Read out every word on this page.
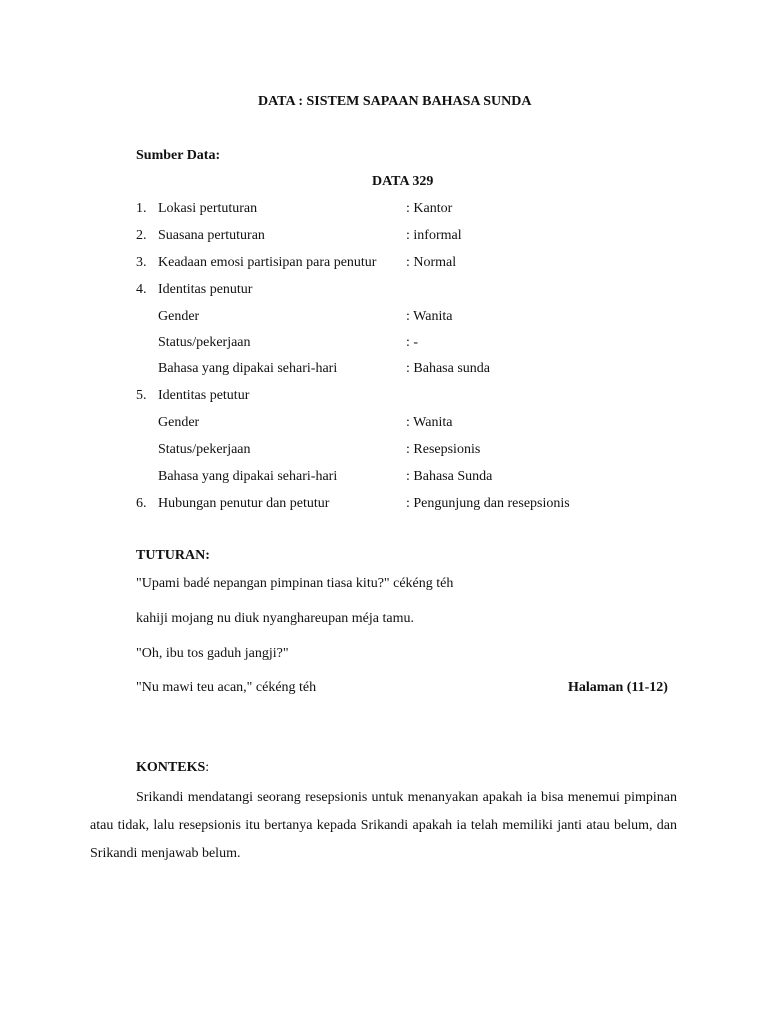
DATA : SISTEM SAPAAN BAHASA SUNDA
Sumber Data:
DATA 329
1. Lokasi pertuturan	: Kantor
2. Suasana pertuturan	: informal
3. Keadaan emosi partisipan para penutur : Normal
4. Identitas penutur
Gender	: Wanita
Status/pekerjaan	: -
Bahasa yang dipakai sehari-hari	: Bahasa sunda
5. Identitas petutur
Gender	: Wanita
Status/pekerjaan	: Resepsionis
Bahasa yang dipakai sehari-hari	: Bahasa Sunda
6. Hubungan penutur dan petutur	: Pengunjung dan resepsionis
TUTURAN:
"Upami badé nepangan pimpinan tiasa kitu?" cékéng téh
kahiji mojang nu diuk nyanghareupan méja tamu.
"Oh, ibu tos gaduh jangji?"
"Nu mawi teu acan," cékéng téh	Halaman (11-12)
KONTEKS:

Srikandi mendatangi seorang resepsionis untuk menanyakan apakah ia bisa menemui pimpinan atau tidak, lalu resepsionis itu bertanya kepada Srikandi apakah ia telah memiliki janti atau belum, dan Srikandi menjawab belum.
